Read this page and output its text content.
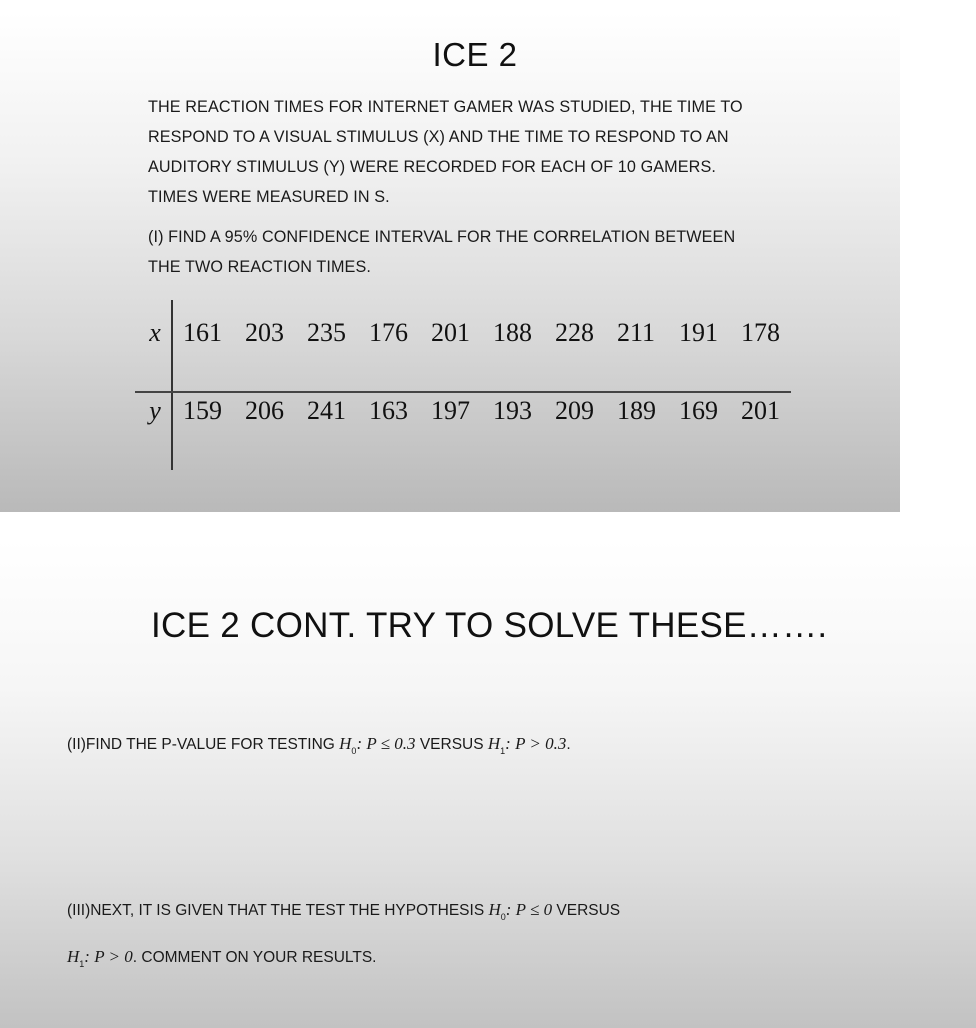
ICE 2
THE REACTION TIMES FOR INTERNET GAMER WAS STUDIED, THE TIME TO
RESPOND TO A VISUAL STIMULUS (X) AND THE TIME TO RESPOND TO AN
AUDITORY STIMULUS (Y) WERE RECORDED FOR EACH OF 10 GAMERS.
TIMES WERE MEASURED IN S.
(I) FIND A 95% CONFIDENCE INTERVAL FOR THE CORRELATION BETWEEN
THE TWO REACTION TIMES.
x 161 203 235 176 201 188 228 211 191 178
y 159 206 241 163 197 193 209 189 169 201
ICE 2 CONT. TRY TO SOLVE THESE…….
(II)FIND THE P-VALUE FOR TESTING $H_0$: P ≤ 0.3 VERSUS $H_1$: P > 0.3.
(III)NEXT, IT IS GIVEN THAT THE TEST THE HYPOTHESIS $H_0$: P ≤ 0 VERSUS
$H_1$: P > 0. COMMENT ON YOUR RESULTS.
